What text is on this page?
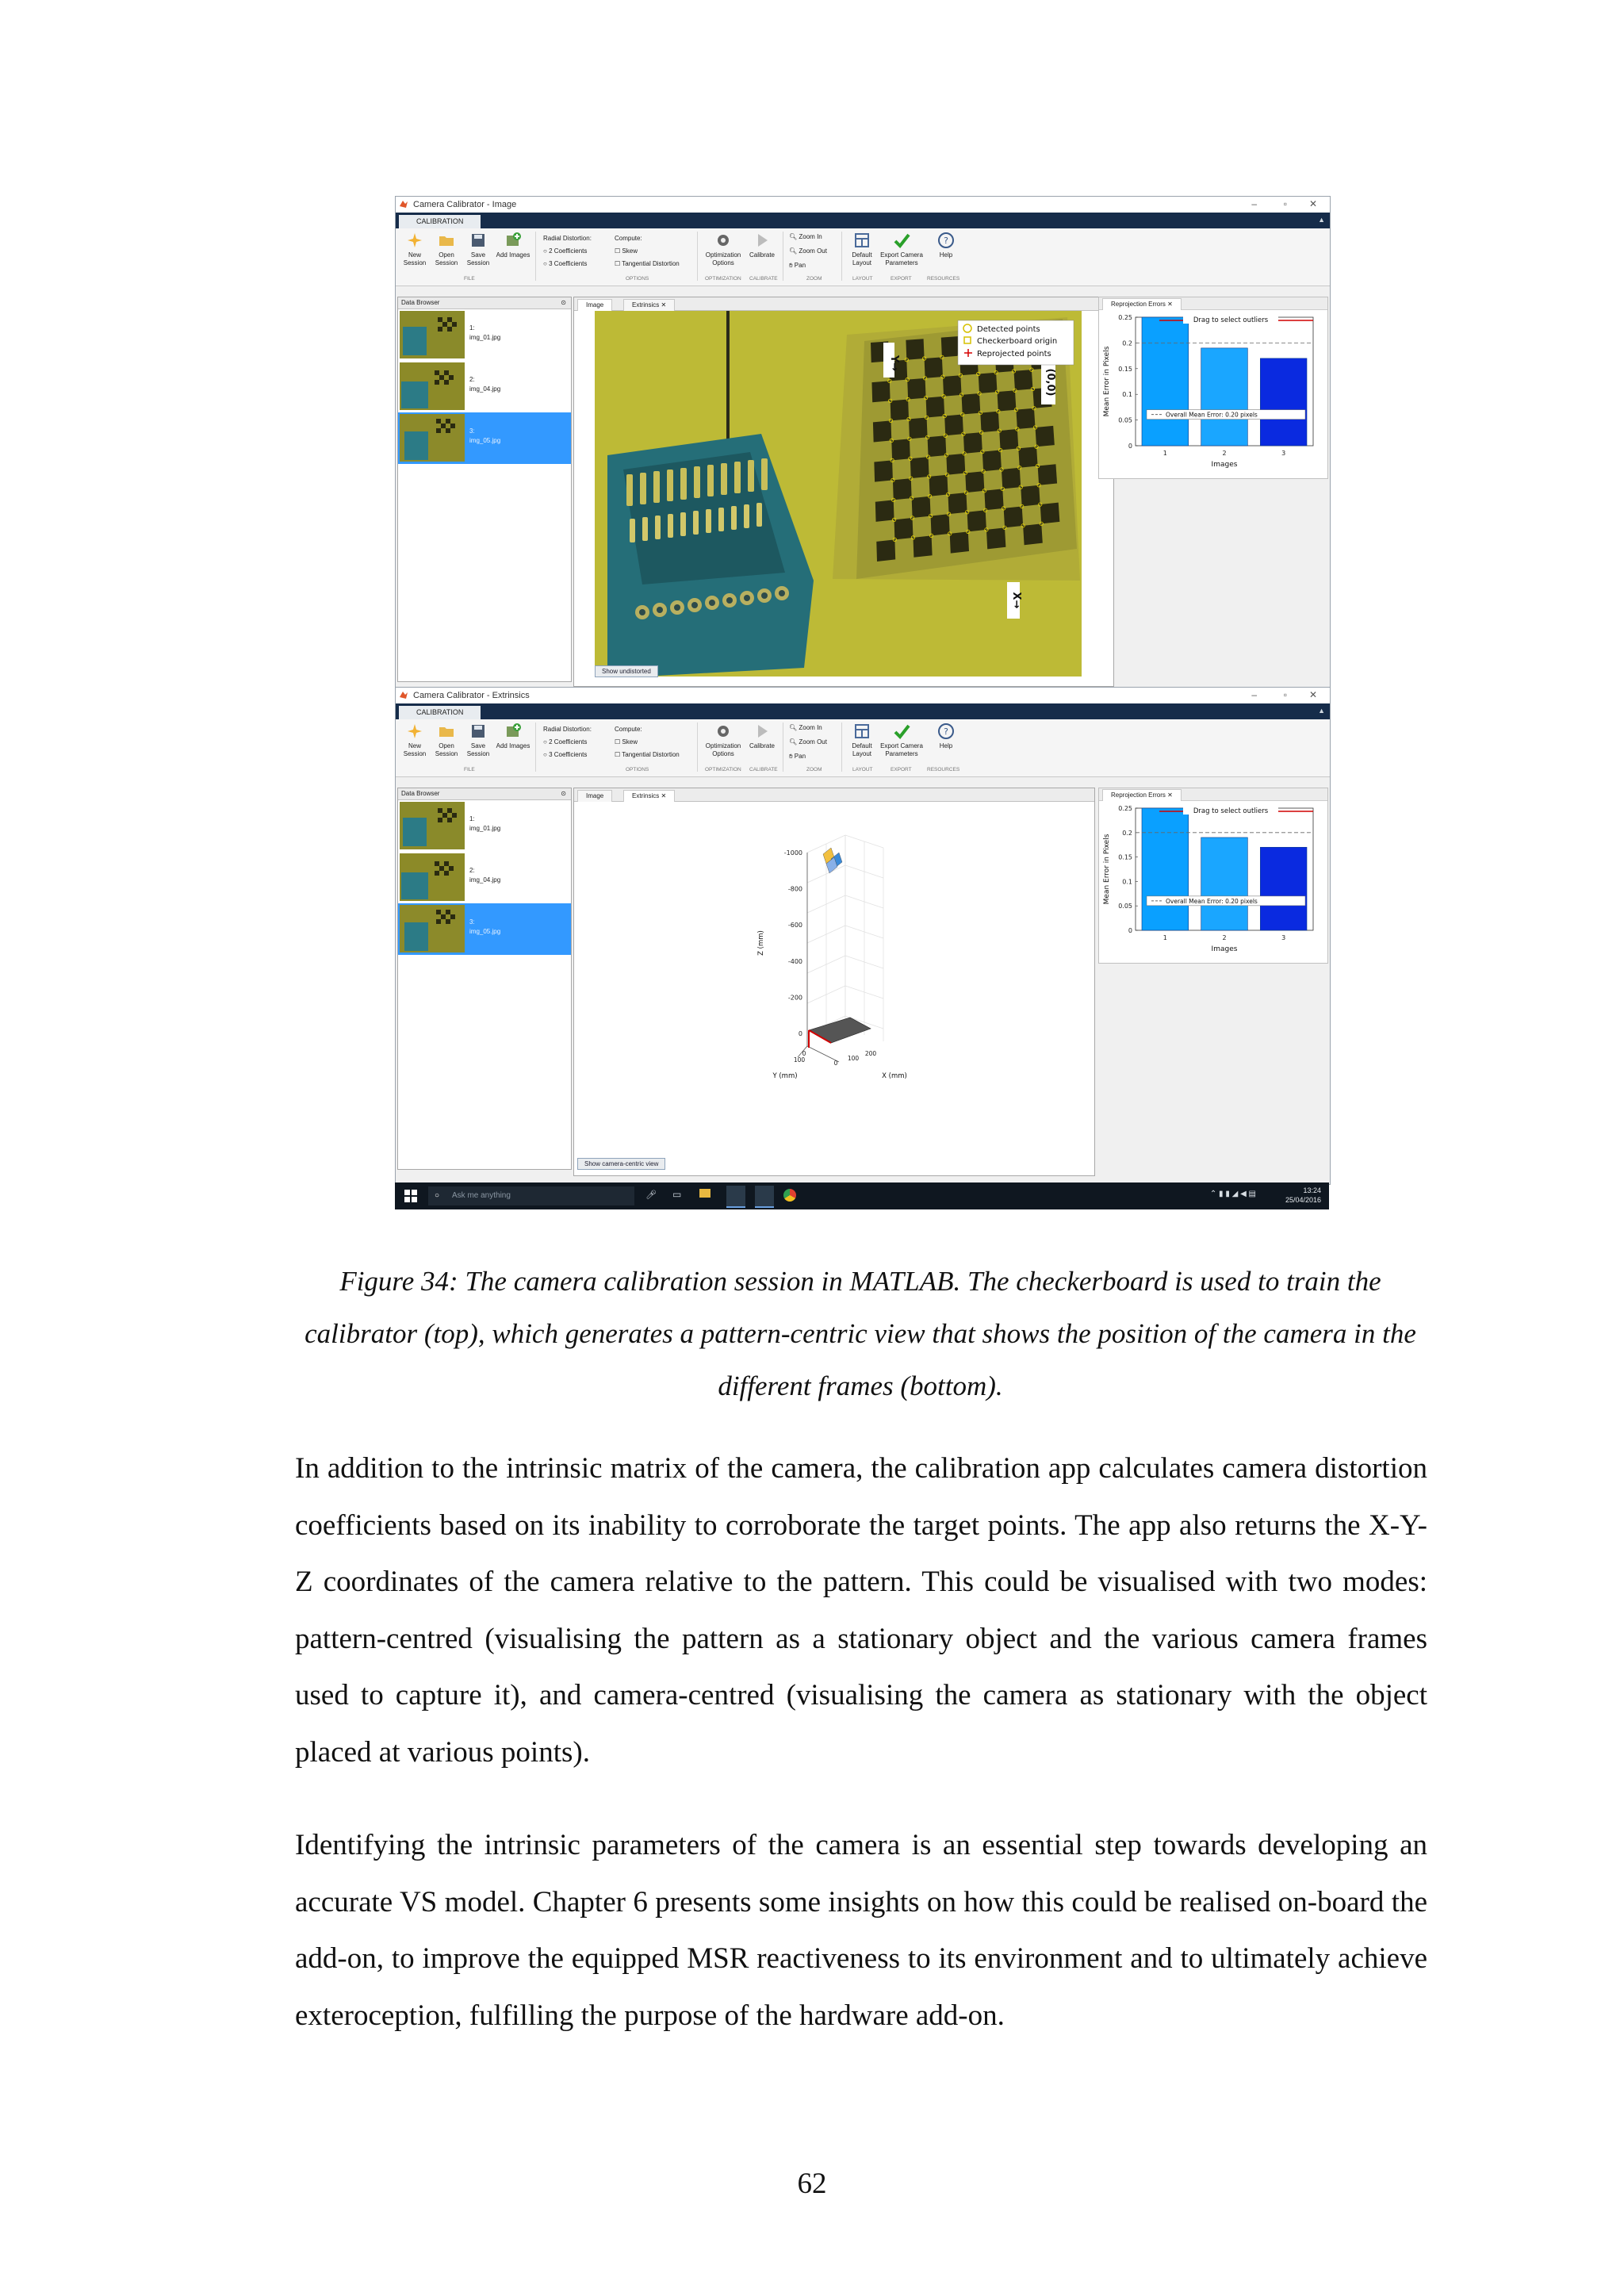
Camera Calibrator - Image	–	▫ ✕
CALIBRATION	▲
New Session
Open Session
Save Session
Add Images
Radial Distortion:
○ 2 Coefficients
○ 3 Coefficients
Compute:
☐ Skew
☐ Tangential Distortion
Optimization Options
Calibrate
🔍︎ Zoom In
🔍︎ Zoom Out
✋︎ Pan
Default Layout
Export Camera Parameters
?
Help
FILE	OPTIONS	OPTIMIZATION CALIBRATE	ZOOM	LAYOUT	EXPORT	RESOURCES
Data Browser	⊙
1:
img_01.jpg
2:
img_04.jpg
3:
img_05.jpg
Image	Extrinsics ✕
Y→
(0,0)
X→
Detected points
Checkerboard origin
Reprojected points
Show undistorted
Reprojection Errors ✕
0
0.05
0.1
0.15
0.2
0.25
1	2	3
Drag to select outliers
Overall Mean Error: 0.20 pixels
Images
Mean Error in Pixels
Camera Calibrator - Extrinsics	–	▫ ✕
CALIBRATION	▲
New Session
Open Session
Save Session
Add Images
Radial Distortion:
○ 2 Coefficients
○ 3 Coefficients
Compute:
☐ Skew
☐ Tangential Distortion
Optimization Options
Calibrate
🔍︎ Zoom In
🔍︎ Zoom Out
✋︎ Pan
Default Layout
Export Camera Parameters
?
Help
FILE	OPTIONS	OPTIMIZATION CALIBRATE	ZOOM	LAYOUT	EXPORT	RESOURCES
Data Browser	⊙
1:
img_01.jpg
2:
img_04.jpg
3:
img_05.jpg
Image	Extrinsics ✕
-1000
-800
-600
-400
-200
0
Z (mm)
0
100	0
100
200
Y (mm)	X (mm)
Show camera-centric view
Reprojection Errors ✕
0
0.05
0.1
0.15
0.2
0.25
1	2	3
Drag to select outliers
Overall Mean Error: 0.20 pixels
Images
Mean Error in Pixels
○ Ask me anything	🎤︎ ▭	⌃ ▮ ▮ ◢ ◀ ▤	13:24
25/04/2016
Figure 34: The camera calibration session in MATLAB. The checkerboard is used to train the calibrator (top), which generates a pattern-centric view that shows the position of the camera in the different frames (bottom).
In addition to the intrinsic matrix of the camera, the calibration app calculates camera distortion coefficients based on its inability to corroborate the target points. The app also returns the X-Y-Z coordinates of the camera relative to the pattern. This could be visualised with two modes: pattern-centred (visualising the pattern as a stationary object and the various camera frames used to capture it), and camera-centred (visualising the camera as stationary with the object placed at various points).
Identifying the intrinsic parameters of the camera is an essential step towards developing an accurate VS model. Chapter 6 presents some insights on how this could be realised on-board the add-on, to improve the equipped MSR reactiveness to its environment and to ultimately achieve exteroception, fulfilling the purpose of the hardware add-on.
62
